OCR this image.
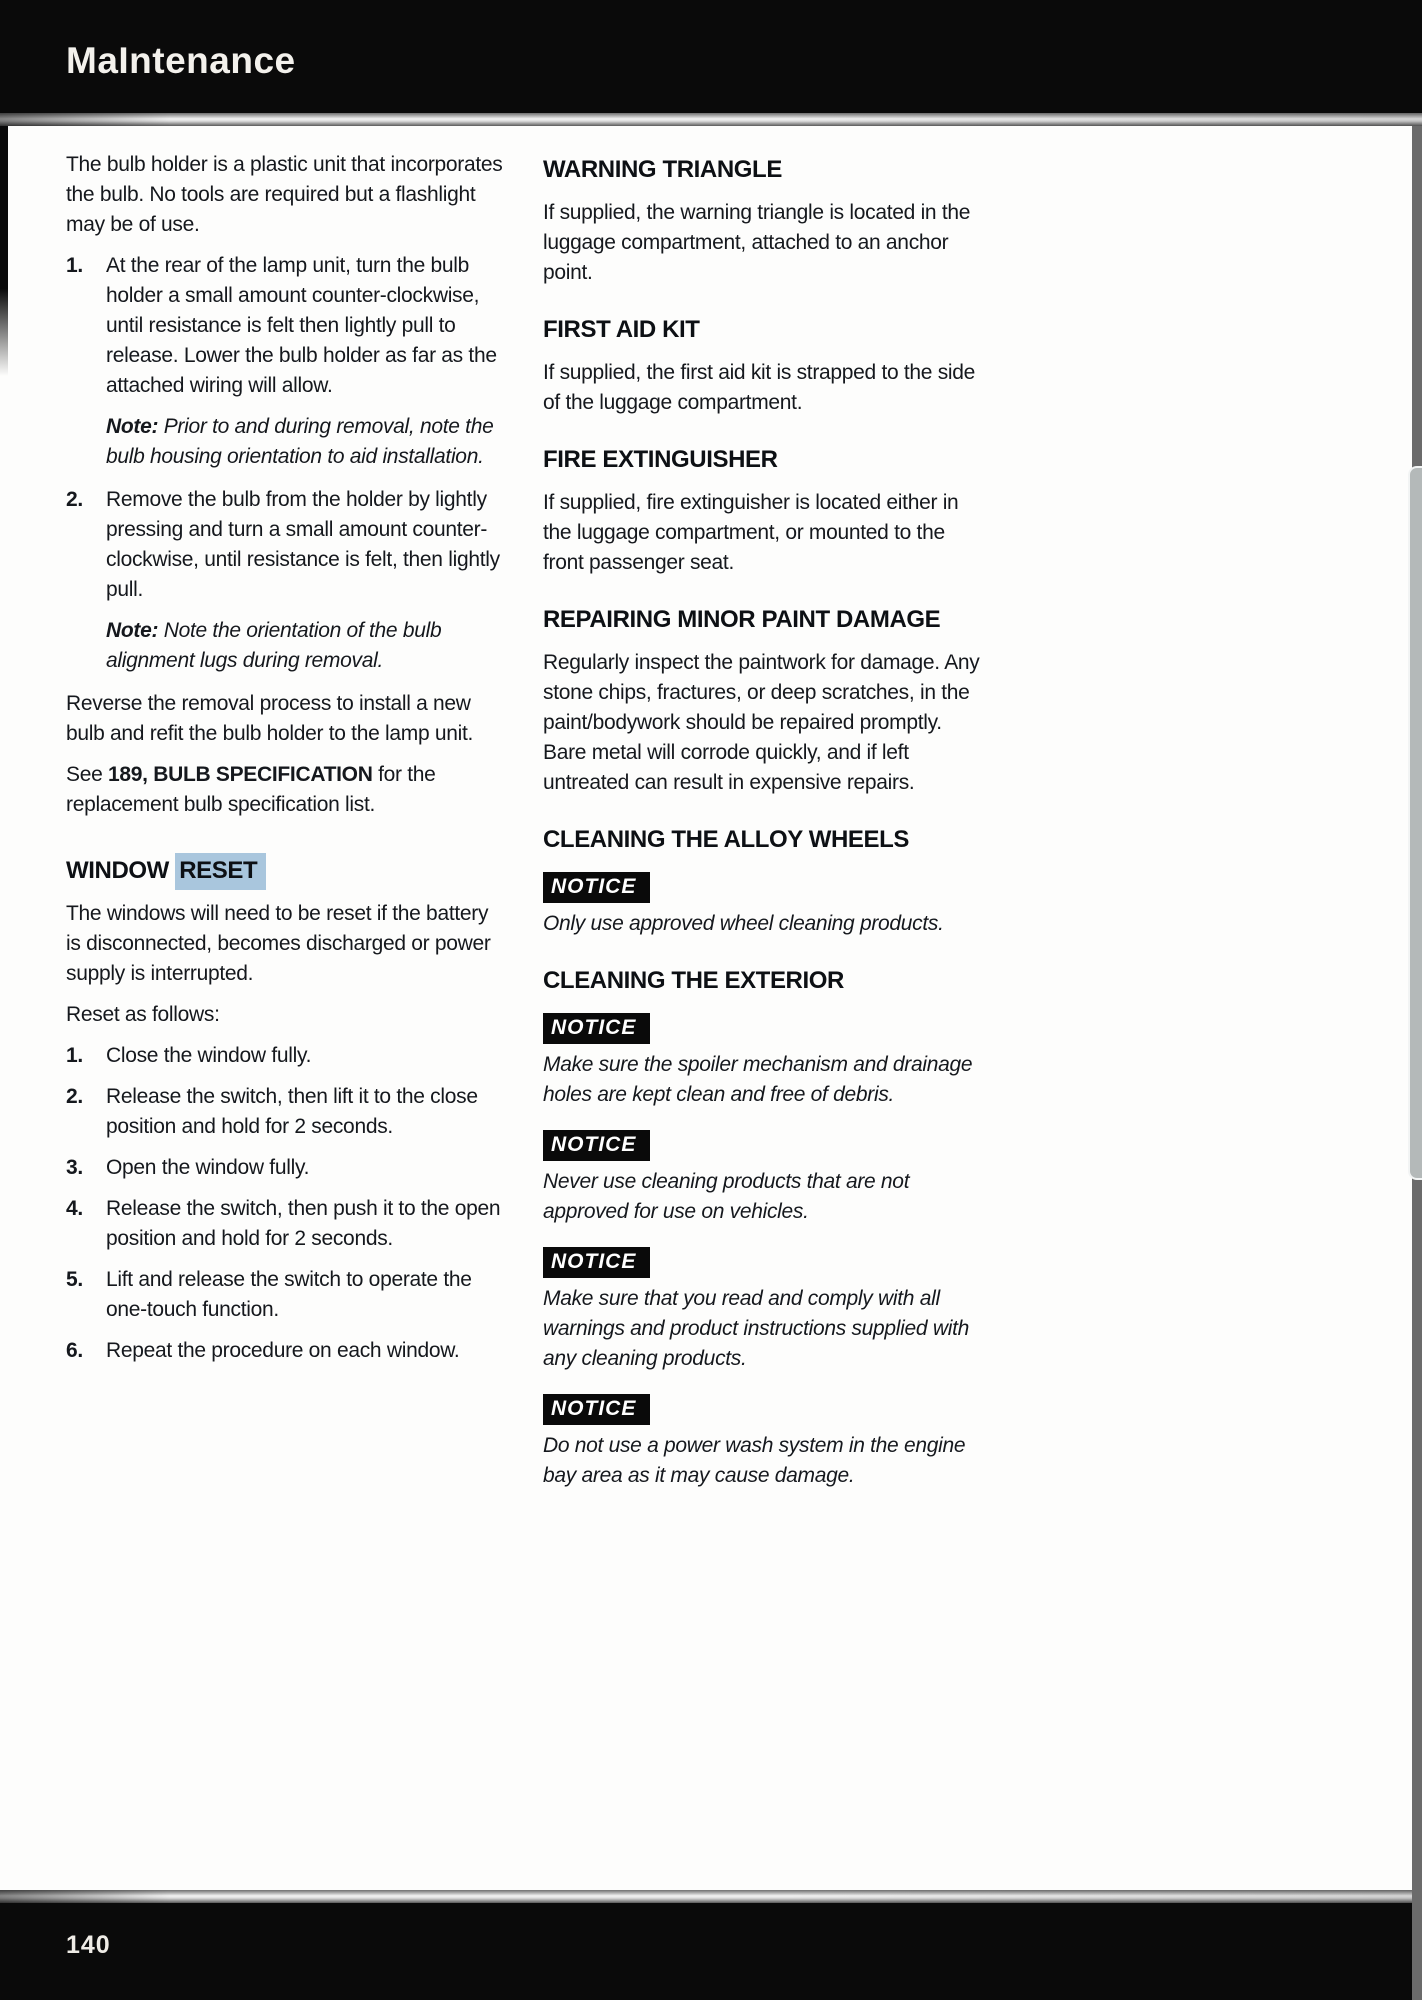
MaIntenance

The bulb holder is a plastic unit that incorporates the bulb. No tools are required but a flashlight may be of use.

1.	At the rear of the lamp unit, turn the bulb holder a small amount counter-clockwise, until resistance is felt then lightly pull to release. Lower the bulb holder as far as the attached wiring will allow.
Note: Prior to and during removal, note the bulb housing orientation to aid installation.
2.	Remove the bulb from the holder by lightly pressing and turn a small amount counter-clockwise, until resistance is felt, then lightly pull.
Note: Note the orientation of the bulb alignment lugs during removal.

Reverse the removal process to install a new bulb and refit the bulb holder to the lamp unit.

See 189, BULB SPECIFICATION for the replacement bulb specification list.

WINDOW RESET

The windows will need to be reset if the battery is disconnected, becomes discharged or power supply is interrupted.

Reset as follows:

1.	Close the window fully.
2.	Release the switch, then lift it to the close position and hold for 2 seconds.
3.	Open the window fully.
4.	Release the switch, then push it to the open position and hold for 2 seconds.
5.	Lift and release the switch to operate the one-touch function.
6.	Repeat the procedure on each window.
WARNING TRIANGLE

If supplied, the warning triangle is located in the luggage compartment, attached to an anchor point.

FIRST AID KIT

If supplied, the first aid kit is strapped to the side of the luggage compartment.

FIRE EXTINGUISHER

If supplied, fire extinguisher is located either in the luggage compartment, or mounted to the front passenger seat.

REPAIRING MINOR PAINT DAMAGE

Regularly inspect the paintwork for damage. Any stone chips, fractures, or deep scratches, in the paint/bodywork should be repaired promptly. Bare metal will corrode quickly, and if left untreated can result in expensive repairs.

CLEANING THE ALLOY WHEELS
NOTICE
Only use approved wheel cleaning products.
CLEANING THE EXTERIOR
NOTICE
Make sure the spoiler mechanism and drainage holes are kept clean and free of debris.
NOTICE
Never use cleaning products that are not approved for use on vehicles.
NOTICE
Make sure that you read and comply with all warnings and product instructions supplied with any cleaning products.
NOTICE
Do not use a power wash system in the engine bay area as it may cause damage.
140
